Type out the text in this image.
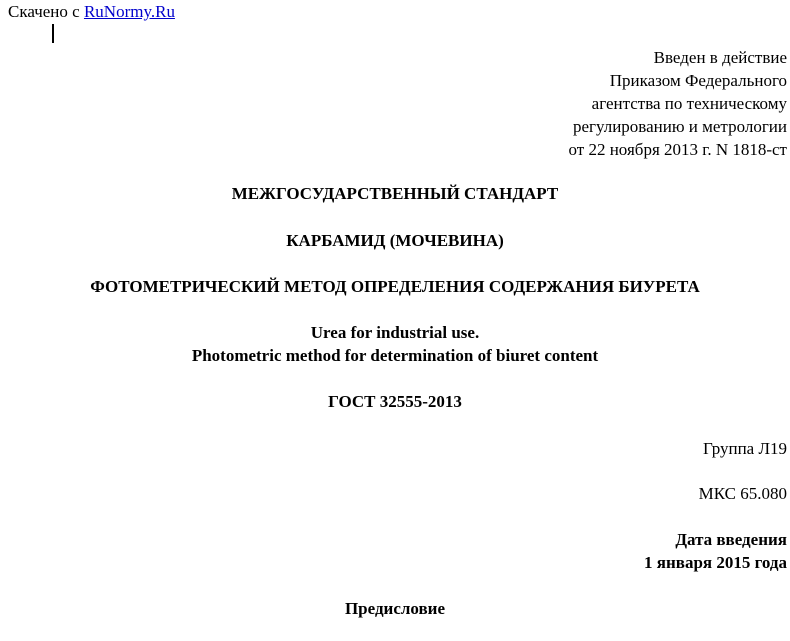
Скачено с RuNormy.Ru
Введен в действие
Приказом Федерального
агентства по техническому
регулированию и метрологии
от 22 ноября 2013 г. N 1818-ст
МЕЖГОСУДАРСТВЕННЫЙ СТАНДАРТ
КАРБАМИД (МОЧЕВИНА)
ФОТОМЕТРИЧЕСКИЙ МЕТОД ОПРЕДЕЛЕНИЯ СОДЕРЖАНИЯ БИУРЕТА
Urea for industrial use.
Photometric method for determination of biuret content
ГОСТ 32555-2013
Группа Л19
МКС 65.080
Дата введения
1 января 2015 года
Предисловие
